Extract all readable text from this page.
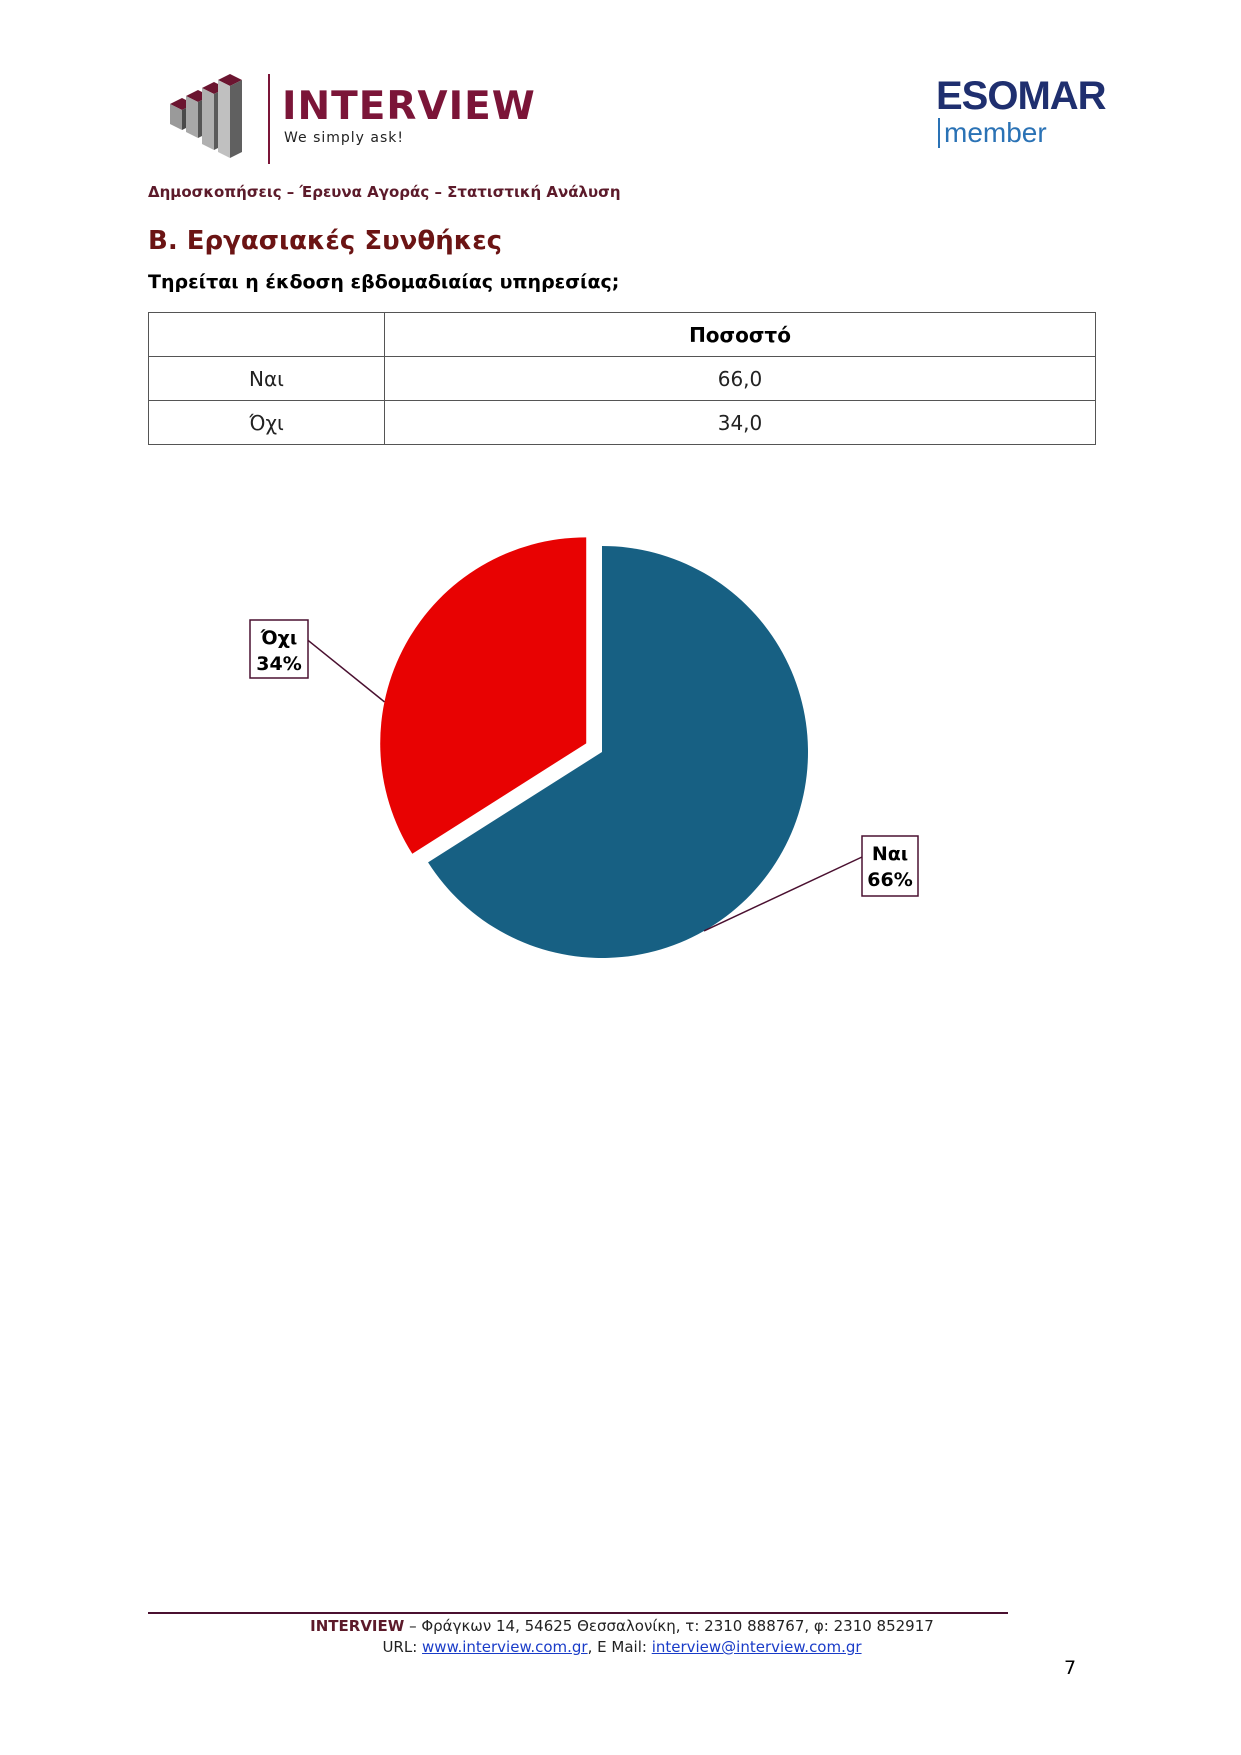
INTERVIEW
We simply ask!
ESOMAR
member
Δημοσκοπήσεις – Έρευνα Αγοράς – Στατιστική Ανάλυση
B. Εργασιακές Συνθήκες
Τηρείται η έκδοση εβδομαδιαίας υπηρεσίας;
	Ποσοστό
Ναι	66,0
Όχι	34,0
Ναι
66%
Όχι
34%
INTERVIEW – Φράγκων 14, 54625 Θεσσαλονίκη, τ: 2310 888767, φ: 2310 852917
URL: www.interview.com.gr, E Mail: interview@interview.com.gr
7
